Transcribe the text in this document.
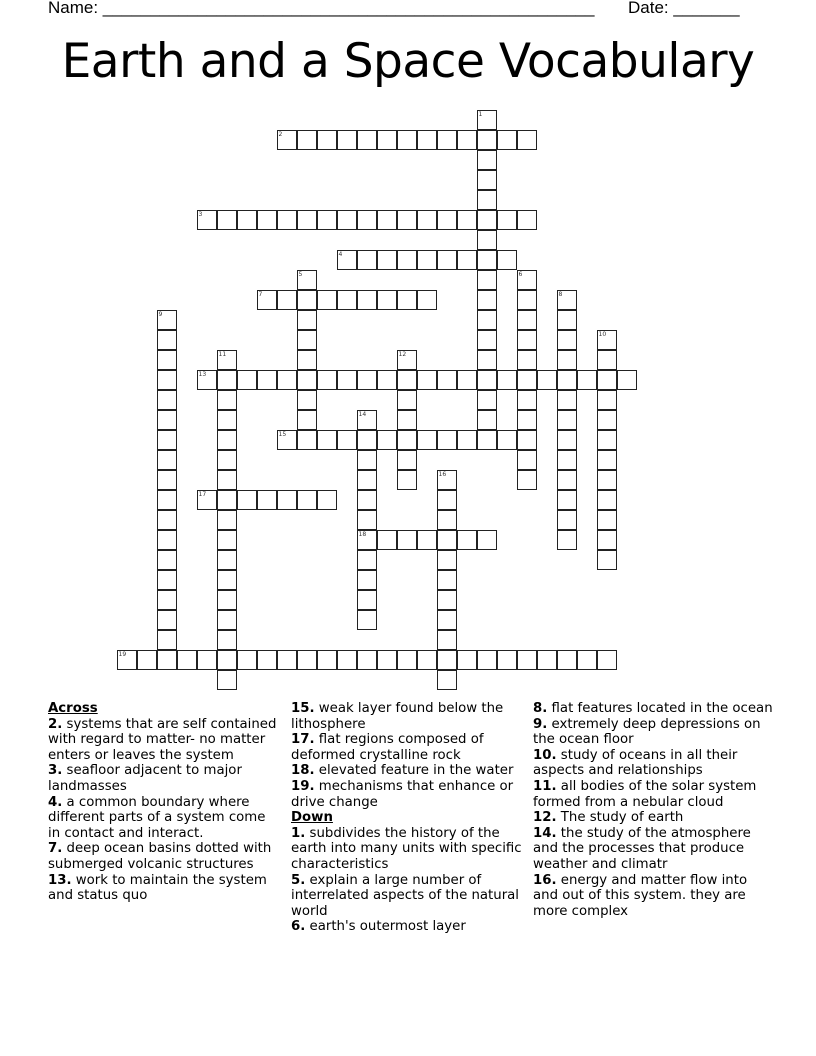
Name: ____________________________________________________ Date: _______
Earth and a Space Vocabulary
1
2
3
4
5	6
7	8
9
10
11	12
13
14
18
15
16
17
19
Across

2. systems that are self contained with regard to matter- no matter enters or leaves the system

3. seafloor adjacent to major landmasses

4. a common boundary where different parts of a system come in contact and interact.

7. deep ocean basins dotted with submerged volcanic structures

13. work to maintain the system and status quo

15. weak layer found below the lithosphere

17. flat regions composed of deformed crystalline rock

18. elevated feature in the water

19. mechanisms that enhance or drive change

Down

1. subdivides the history of the earth into many units with specific characteristics

5. explain a large number of interrelated aspects of the natural world

6. earth's outermost layer

8. flat features located in the ocean

9. extremely deep depressions on the ocean floor

10. study of oceans in all their aspects and relationships

11. all bodies of the solar system formed from a nebular cloud

12. The study of earth

14. the study of the atmosphere and the processes that produce weather and climatr

16. energy and matter flow into and out of this system. they are more complex
